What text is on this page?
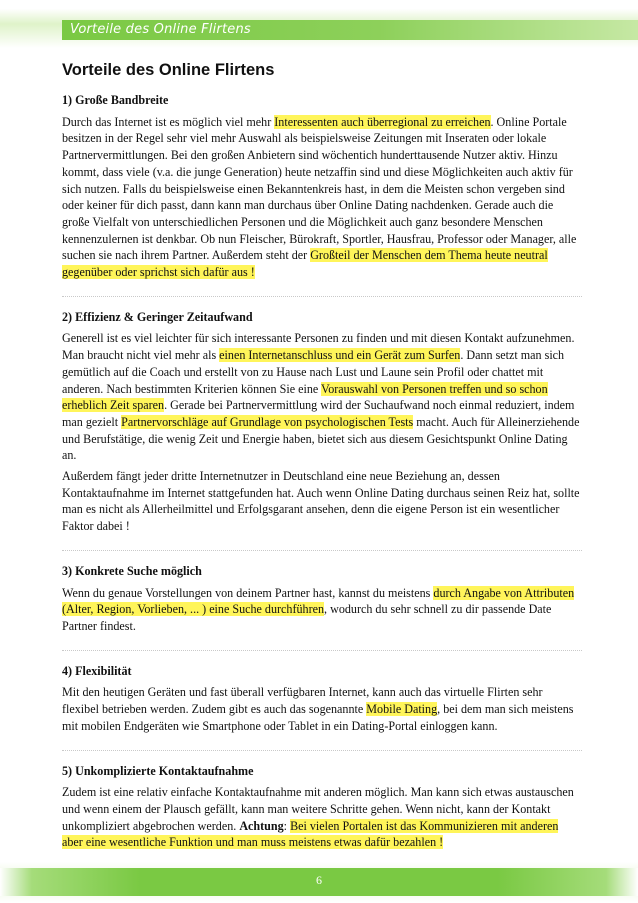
Vorteile des Online Flirtens
Vorteile des Online Flirtens

1) Große Bandbreite

Durch das Internet ist es möglich viel mehr Interessenten auch überregional zu erreichen. Online Portale besitzen in der Regel sehr viel mehr Auswahl als beispielsweise Zeitungen mit Inseraten oder lokale Partnervermittlungen. Bei den großen Anbietern sind wöchentich hunderttausende Nutzer aktiv. Hinzu kommt, dass viele (v.a. die junge Generation) heute netzaffin sind und diese Möglichkeiten auch aktiv für sich nutzen. Falls du beispielsweise einen Bekanntenkreis hast, in dem die Meisten schon vergeben sind oder keiner für dich passt, dann kann man durchaus über Online Dating nachdenken. Gerade auch die große Vielfalt von unterschiedlichen Personen und die Möglichkeit auch ganz besondere Menschen kennenzulernen ist denkbar. Ob nun Fleischer, Bürokraft, Sportler, Hausfrau, Professor oder Manager, alle suchen sie nach ihrem Partner. Außerdem steht der Großteil der Menschen dem Thema heute neutral gegenüber oder sprichst sich dafür aus !

2) Effizienz & Geringer Zeitaufwand

Generell ist es viel leichter für sich interessante Personen zu finden und mit diesen Kontakt aufzunehmen. Man braucht nicht viel mehr als einen Internetanschluss und ein Gerät zum Surfen. Dann setzt man sich gemütlich auf die Coach und erstellt von zu Hause nach Lust und Laune sein Profil oder chattet mit anderen. Nach bestimmten Kriterien können Sie eine Vorauswahl von Personen treffen und so schon erheblich Zeit sparen. Gerade bei Partnervermittlung wird der Suchaufwand noch einmal reduziert, indem man gezielt Partnervorschläge auf Grundlage von psychologischen Tests macht. Auch für Alleinerziehende und Berufstätige, die wenig Zeit und Energie haben, bietet sich aus diesem Gesichtspunkt Online Dating an.

Außerdem fängt jeder dritte Internetnutzer in Deutschland eine neue Beziehung an, dessen Kontaktaufnahme im Internet stattgefunden hat. Auch wenn Online Dating durchaus seinen Reiz hat, sollte man es nicht als Allerheilmittel und Erfolgsgarant ansehen, denn die eigene Person ist ein wesentlicher Faktor dabei !

3) Konkrete Suche möglich

Wenn du genaue Vorstellungen von deinem Partner hast, kannst du meistens durch Angabe von Attributen (Alter, Region, Vorlieben, ... ) eine Suche durchführen, wodurch du sehr schnell zu dir passende Date Partner findest.

4) Flexibilität

Mit den heutigen Geräten und fast überall verfügbaren Internet, kann auch das virtuelle Flirten sehr flexibel betrieben werden. Zudem gibt es auch das sogenannte Mobile Dating, bei dem man sich meistens mit mobilen Endgeräten wie Smartphone oder Tablet in ein Dating-Portal einloggen kann.

5) Unkomplizierte Kontaktaufnahme

Zudem ist eine relativ einfache Kontaktaufnahme mit anderen möglich. Man kann sich etwas austauschen und wenn einem der Plausch gefällt, kann man weitere Schritte gehen. Wenn nicht, kann der Kontakt unkompliziert abgebrochen werden. Achtung: Bei vielen Portalen ist das Kommunizieren mit anderen aber eine wesentliche Funktion und man muss meistens etwas dafür bezahlen !

6
